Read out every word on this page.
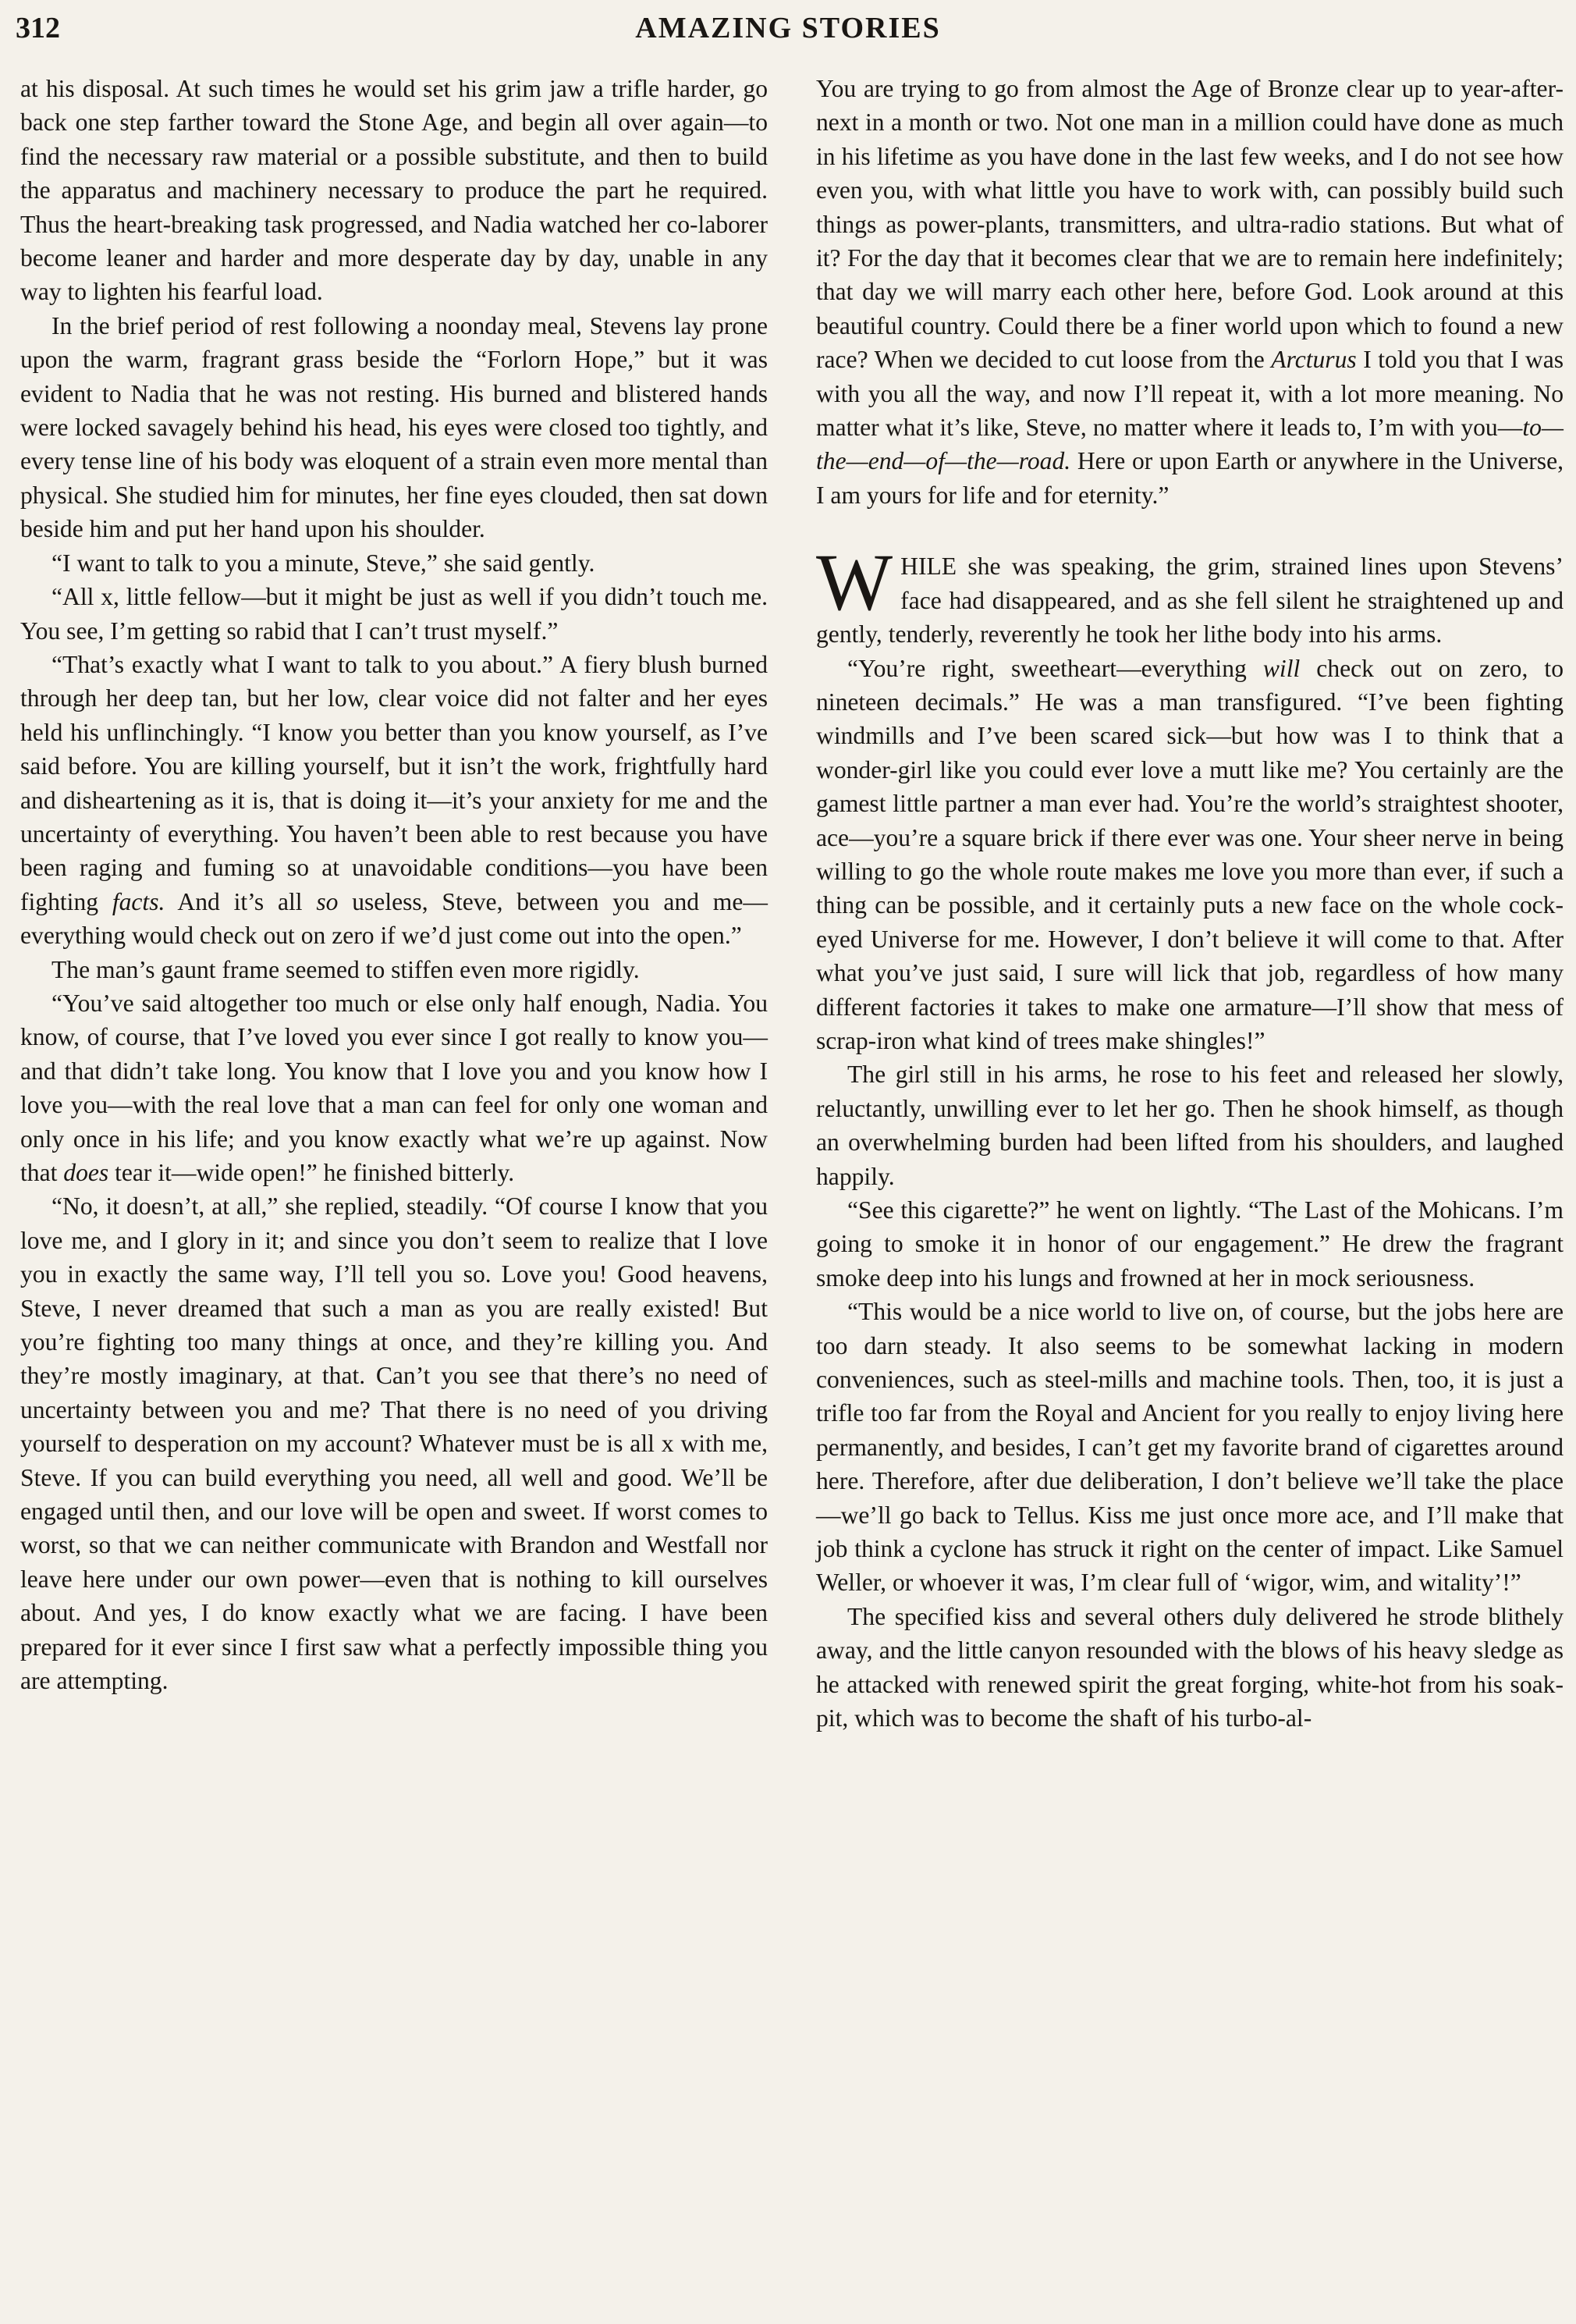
312	AMAZING STORIES

at his disposal. At such times he would set his grim jaw a trifle harder, go back one step farther toward the Stone Age, and begin all over again—to find the necessary raw material or a possible substitute, and then to build the apparatus and machinery necessary to produce the part he required. Thus the heart-breaking task progressed, and Nadia watched her co-laborer become leaner and harder and more desperate day by day, unable in any way to lighten his fearful load.

In the brief period of rest following a noonday meal, Stevens lay prone upon the warm, fragrant grass beside the “Forlorn Hope,” but it was evident to Nadia that he was not resting. His burned and blistered hands were locked savagely behind his head, his eyes were closed too tightly, and every tense line of his body was eloquent of a strain even more mental than physical. She studied him for minutes, her fine eyes clouded, then sat down beside him and put her hand upon his shoulder.

“I want to talk to you a minute, Steve,” she said gently.

“All x, little fellow—but it might be just as well if you didn’t touch me. You see, I’m getting so rabid that I can’t trust myself.”

“That’s exactly what I want to talk to you about.” A fiery blush burned through her deep tan, but her low, clear voice did not falter and her eyes held his unflinchingly. “I know you better than you know yourself, as I’ve said before. You are killing yourself, but it isn’t the work, frightfully hard and disheartening as it is, that is doing it—it’s your anxiety for me and the uncertainty of everything. You haven’t been able to rest because you have been raging and fuming so at unavoidable conditions—you have been fighting facts. And it’s all so useless, Steve, between you and me—everything would check out on zero if we’d just come out into the open.”

The man’s gaunt frame seemed to stiffen even more rigidly.

“You’ve said altogether too much or else only half enough, Nadia. You know, of course, that I’ve loved you ever since I got really to know you—and that didn’t take long. You know that I love you and you know how I love you—with the real love that a man can feel for only one woman and only once in his life; and you know exactly what we’re up against. Now that does tear it—wide open!” he finished bitterly.

“No, it doesn’t, at all,” she replied, steadily. “Of course I know that you love me, and I glory in it; and since you don’t seem to realize that I love you in exactly the same way, I’ll tell you so. Love you! Good heavens, Steve, I never dreamed that such a man as you are really existed! But you’re fighting too many things at once, and they’re killing you. And they’re mostly imaginary, at that. Can’t you see that there’s no need of uncertainty between you and me? That there is no need of you driving yourself to desperation on my account? Whatever must be is all x with me, Steve. If you can build everything you need, all well and good. We’ll be engaged until then, and our love will be open and sweet. If worst comes to worst, so that we can neither communicate with Brandon and Westfall nor leave here under our own power—even that is nothing to kill ourselves about. And yes, I do know exactly what we are facing. I have been prepared for it ever since I first saw what a perfectly impossible thing you are attempting.

You are trying to go from almost the Age of Bronze clear up to year-after-next in a month or two. Not one man in a million could have done as much in his lifetime as you have done in the last few weeks, and I do not see how even you, with what little you have to work with, can possibly build such things as power-plants, transmitters, and ultra-radio stations. But what of it? For the day that it becomes clear that we are to remain here indefinitely; that day we will marry each other here, before God. Look around at this beautiful country. Could there be a finer world upon which to found a new race? When we decided to cut loose from the Arcturus I told you that I was with you all the way, and now I’ll repeat it, with a lot more meaning. No matter what it’s like, Steve, no matter where it leads to, I’m with you—to—the—end—of—the—road. Here or upon Earth or anywhere in the Universe, I am yours for life and for eternity.”

WHILE she was speaking, the grim, strained lines upon Stevens’ face had disappeared, and as she fell silent he straightened up and gently, tenderly, reverently he took her lithe body into his arms.

“You’re right, sweetheart—everything will check out on zero, to nineteen decimals.” He was a man transfigured. “I’ve been fighting windmills and I’ve been scared sick—but how was I to think that a wonder-girl like you could ever love a mutt like me? You certainly are the gamest little partner a man ever had. You’re the world’s straightest shooter, ace—you’re a square brick if there ever was one. Your sheer nerve in being willing to go the whole route makes me love you more than ever, if such a thing can be possible, and it certainly puts a new face on the whole cock-eyed Universe for me. However, I don’t believe it will come to that. After what you’ve just said, I sure will lick that job, regardless of how many different factories it takes to make one armature—I’ll show that mess of scrap-iron what kind of trees make shingles!”

The girl still in his arms, he rose to his feet and released her slowly, reluctantly, unwilling ever to let her go. Then he shook himself, as though an overwhelming burden had been lifted from his shoulders, and laughed happily.

“See this cigarette?” he went on lightly. “The Last of the Mohicans. I’m going to smoke it in honor of our engagement.” He drew the fragrant smoke deep into his lungs and frowned at her in mock seriousness.

“This would be a nice world to live on, of course, but the jobs here are too darn steady. It also seems to be somewhat lacking in modern conveniences, such as steel-mills and machine tools. Then, too, it is just a trifle too far from the Royal and Ancient for you really to enjoy living here permanently, and besides, I can’t get my favorite brand of cigarettes around here. Therefore, after due deliberation, I don’t believe we’ll take the place—we’ll go back to Tellus. Kiss me just once more ace, and I’ll make that job think a cyclone has struck it right on the center of impact. Like Samuel Weller, or whoever it was, I’m clear full of ‘wigor, wim, and witality’!”

The specified kiss and several others duly delivered he strode blithely away, and the little canyon resounded with the blows of his heavy sledge as he attacked with renewed spirit the great forging, white-hot from his soak-pit, which was to become the shaft of his turbo-al-
